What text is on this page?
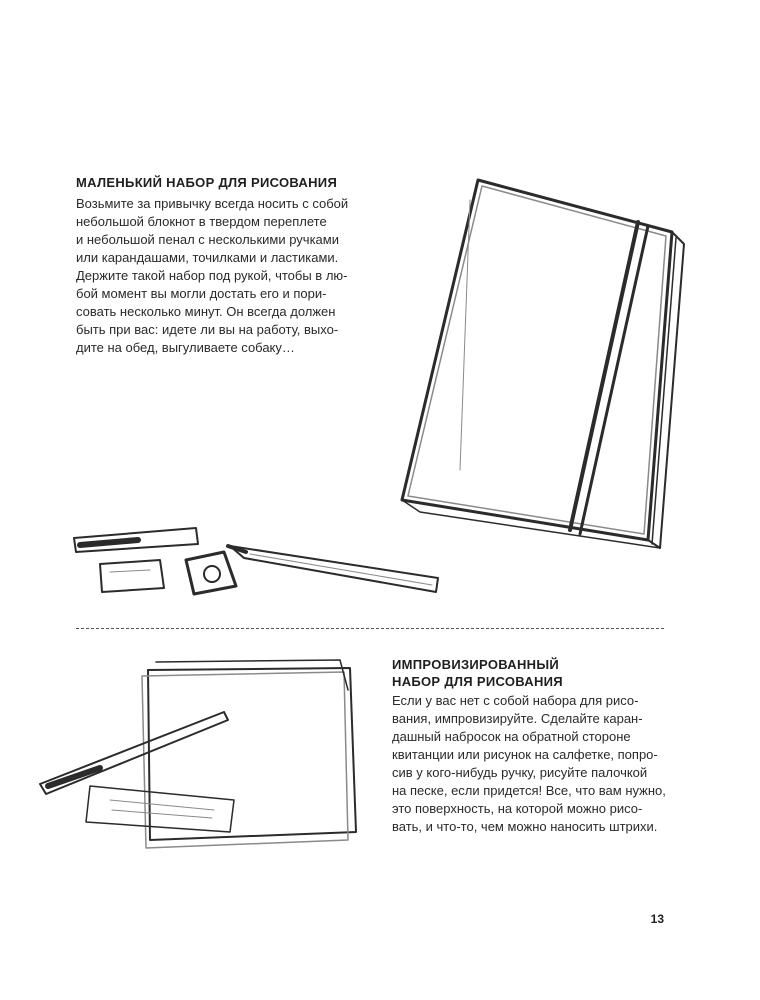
МАЛЕНЬКИЙ НАБОР ДЛЯ РИСОВАНИЯ
Возьмите за привычку всегда носить с собой
небольшой блокнот в твердом переплете
и небольшой пенал с несколькими ручками
или карандашами, точилками и ластиками.
Держите такой набор под рукой, чтобы в лю-
бой момент вы могли достать его и пори-
совать несколько минут. Он всегда должен
быть при вас: идете ли вы на работу, выхо-
дите на обед, выгуливаете собаку…
ИМПРОВИЗИРОВАННЫЙ
НАБОР ДЛЯ РИСОВАНИЯ
Если у вас нет с собой набора для рисо-
вания, импровизируйте. Сделайте каран-
дашный набросок на обратной стороне
квитанции или рисунок на салфетке, попро-
сив у кого-нибудь ручку, рисуйте палочкой
на песке, если придется! Все, что вам нужно,
это поверхность, на которой можно рисо-
вать, и что-то, чем можно наносить штрихи.
13
